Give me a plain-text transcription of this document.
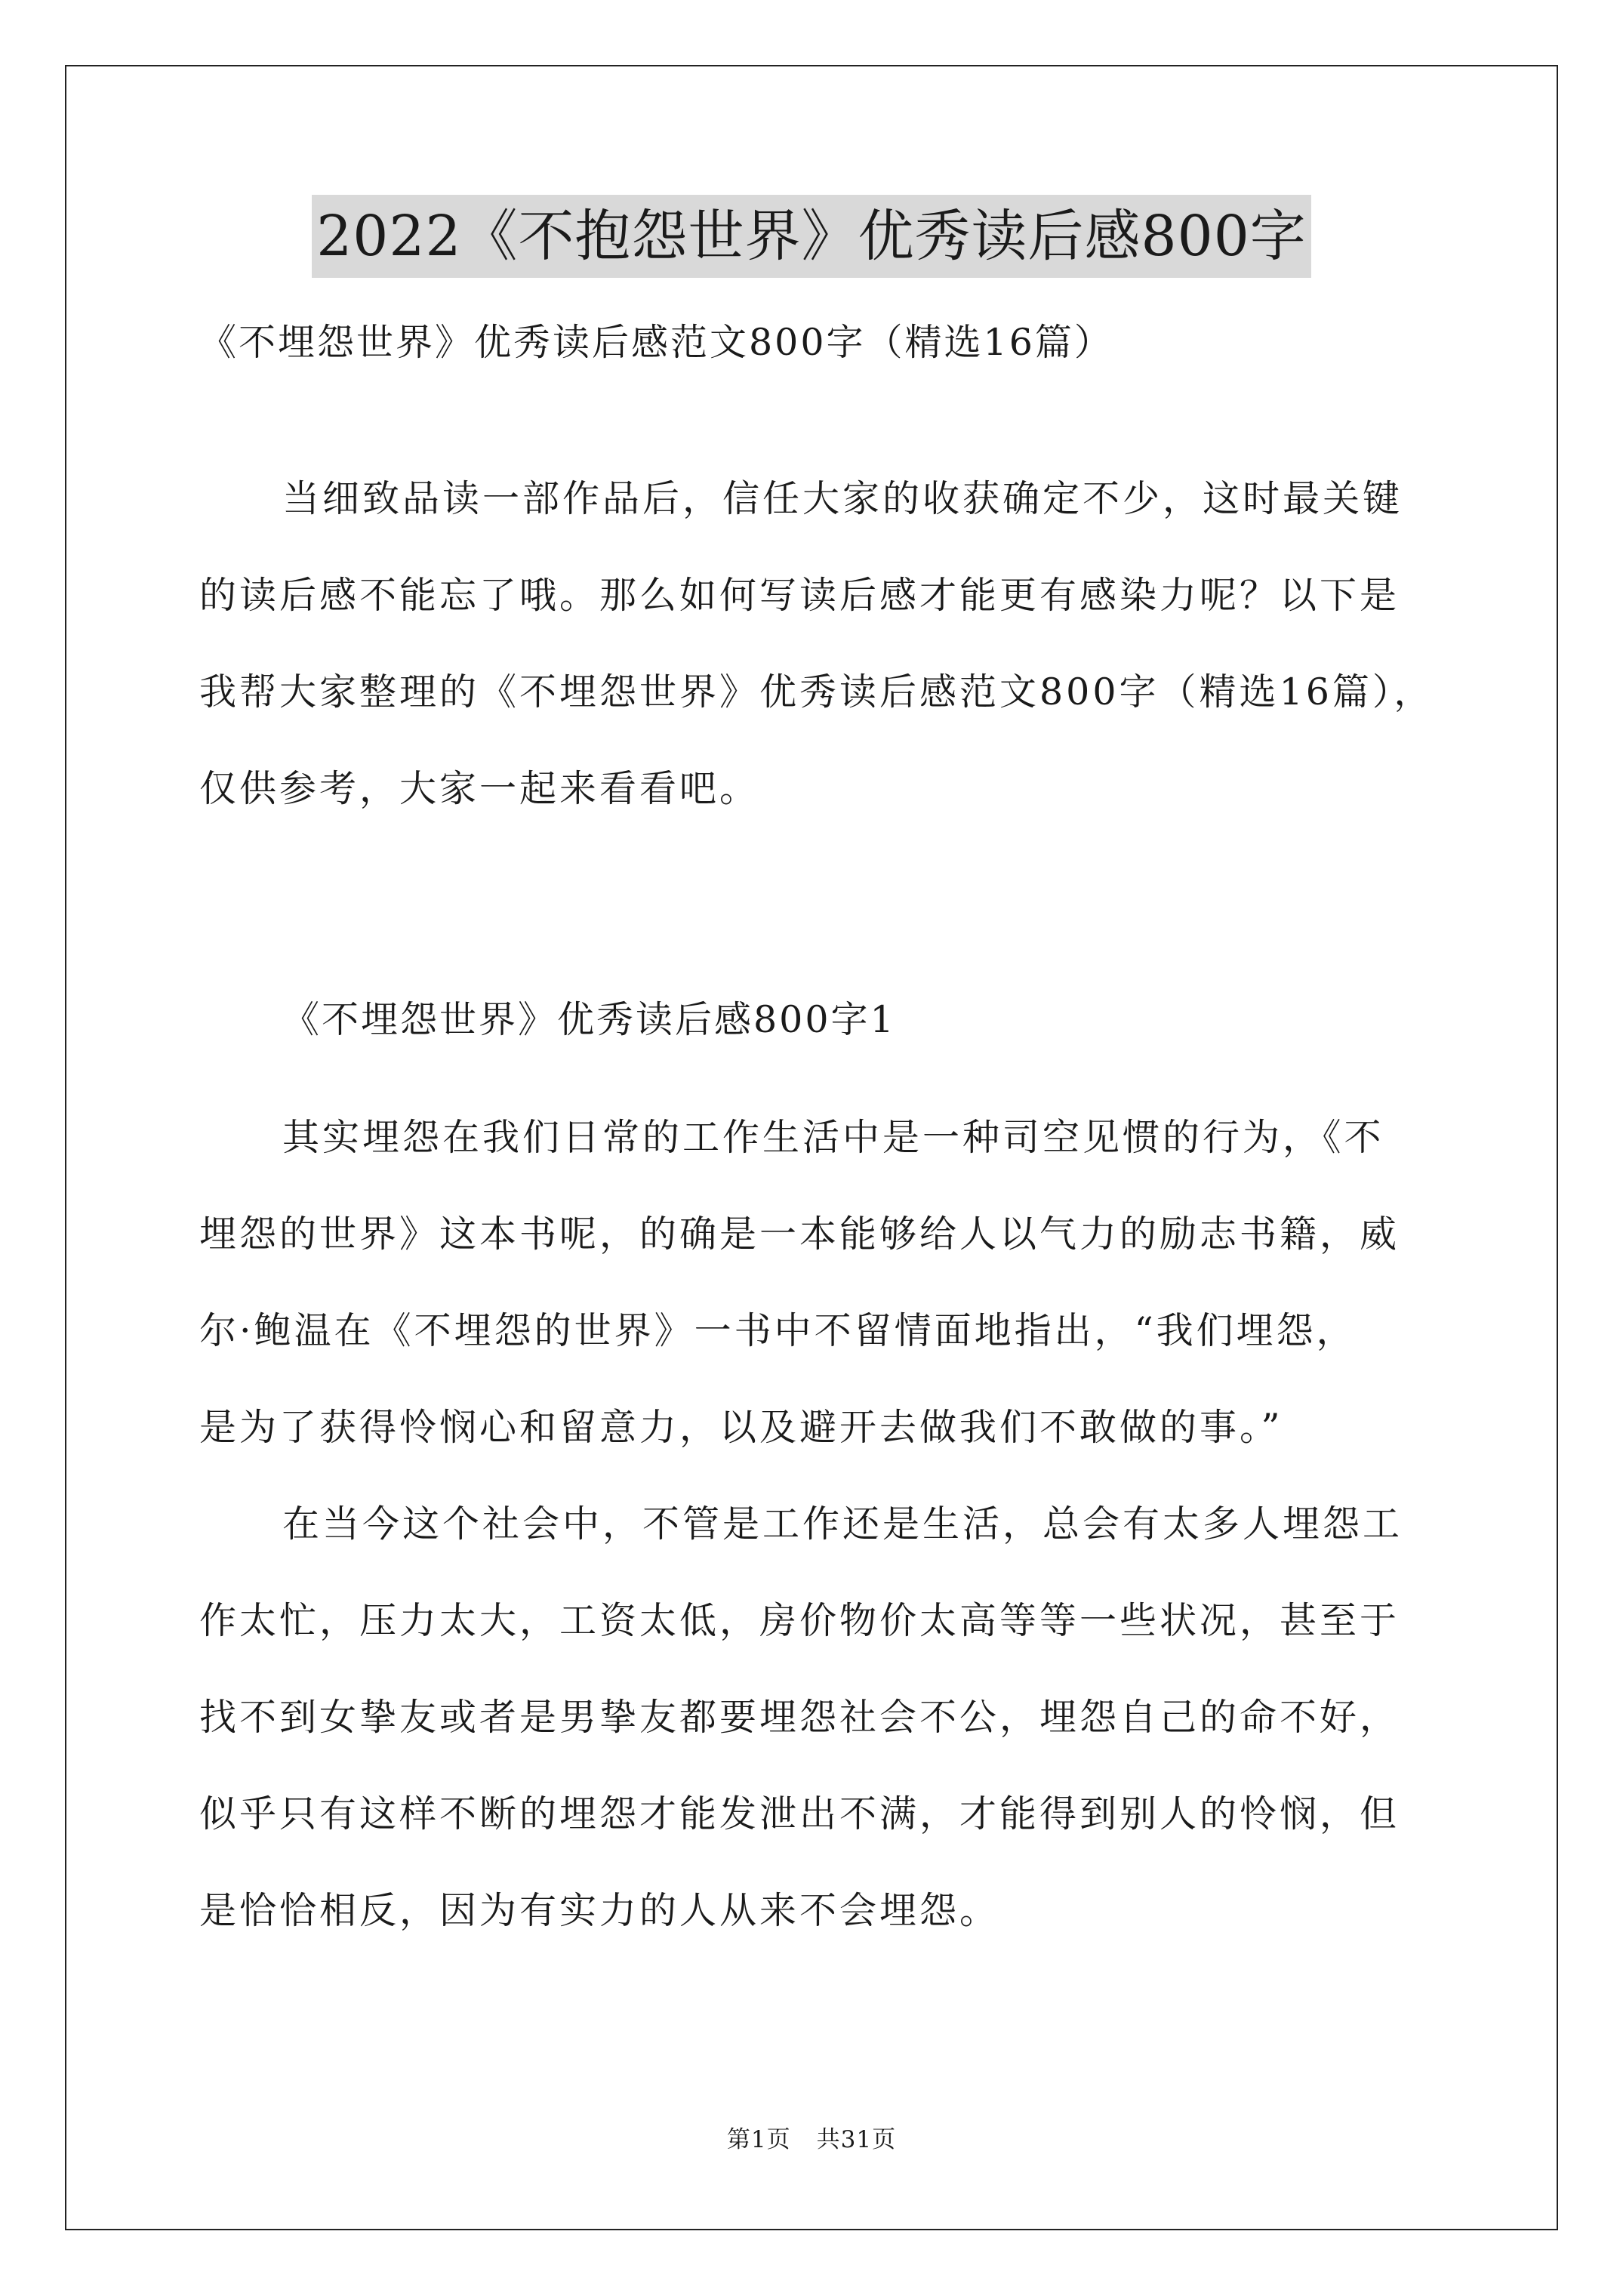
2022《不抱怨世界》优秀读后感800字
《不埋怨世界》优秀读后感范文800字（精选16篇）
当细致品读一部作品后，信任大家的收获确定不少，这时最关键
的读后感不能忘了哦。那么如何写读后感才能更有感染力呢？以下是
我帮大家整理的《不埋怨世界》优秀读后感范文800字（精选16篇），
仅供参考，大家一起来看看吧。
《不埋怨世界》优秀读后感800字1
其实埋怨在我们日常的工作生活中是一种司空见惯的行为，《不
埋怨的世界》这本书呢，的确是一本能够给人以气力的励志书籍，威
尔·鲍温在《不埋怨的世界》一书中不留情面地指出，“我们埋怨，
是为了获得怜悯心和留意力，以及避开去做我们不敢做的事。”
在当今这个社会中，不管是工作还是生活，总会有太多人埋怨工
作太忙，压力太大，工资太低，房价物价太高等等一些状况，甚至于
找不到女挚友或者是男挚友都要埋怨社会不公，埋怨自己的命不好，
似乎只有这样不断的埋怨才能发泄出不满，才能得到别人的怜悯，但
是恰恰相反，因为有实力的人从来不会埋怨。
第1页 共31页
